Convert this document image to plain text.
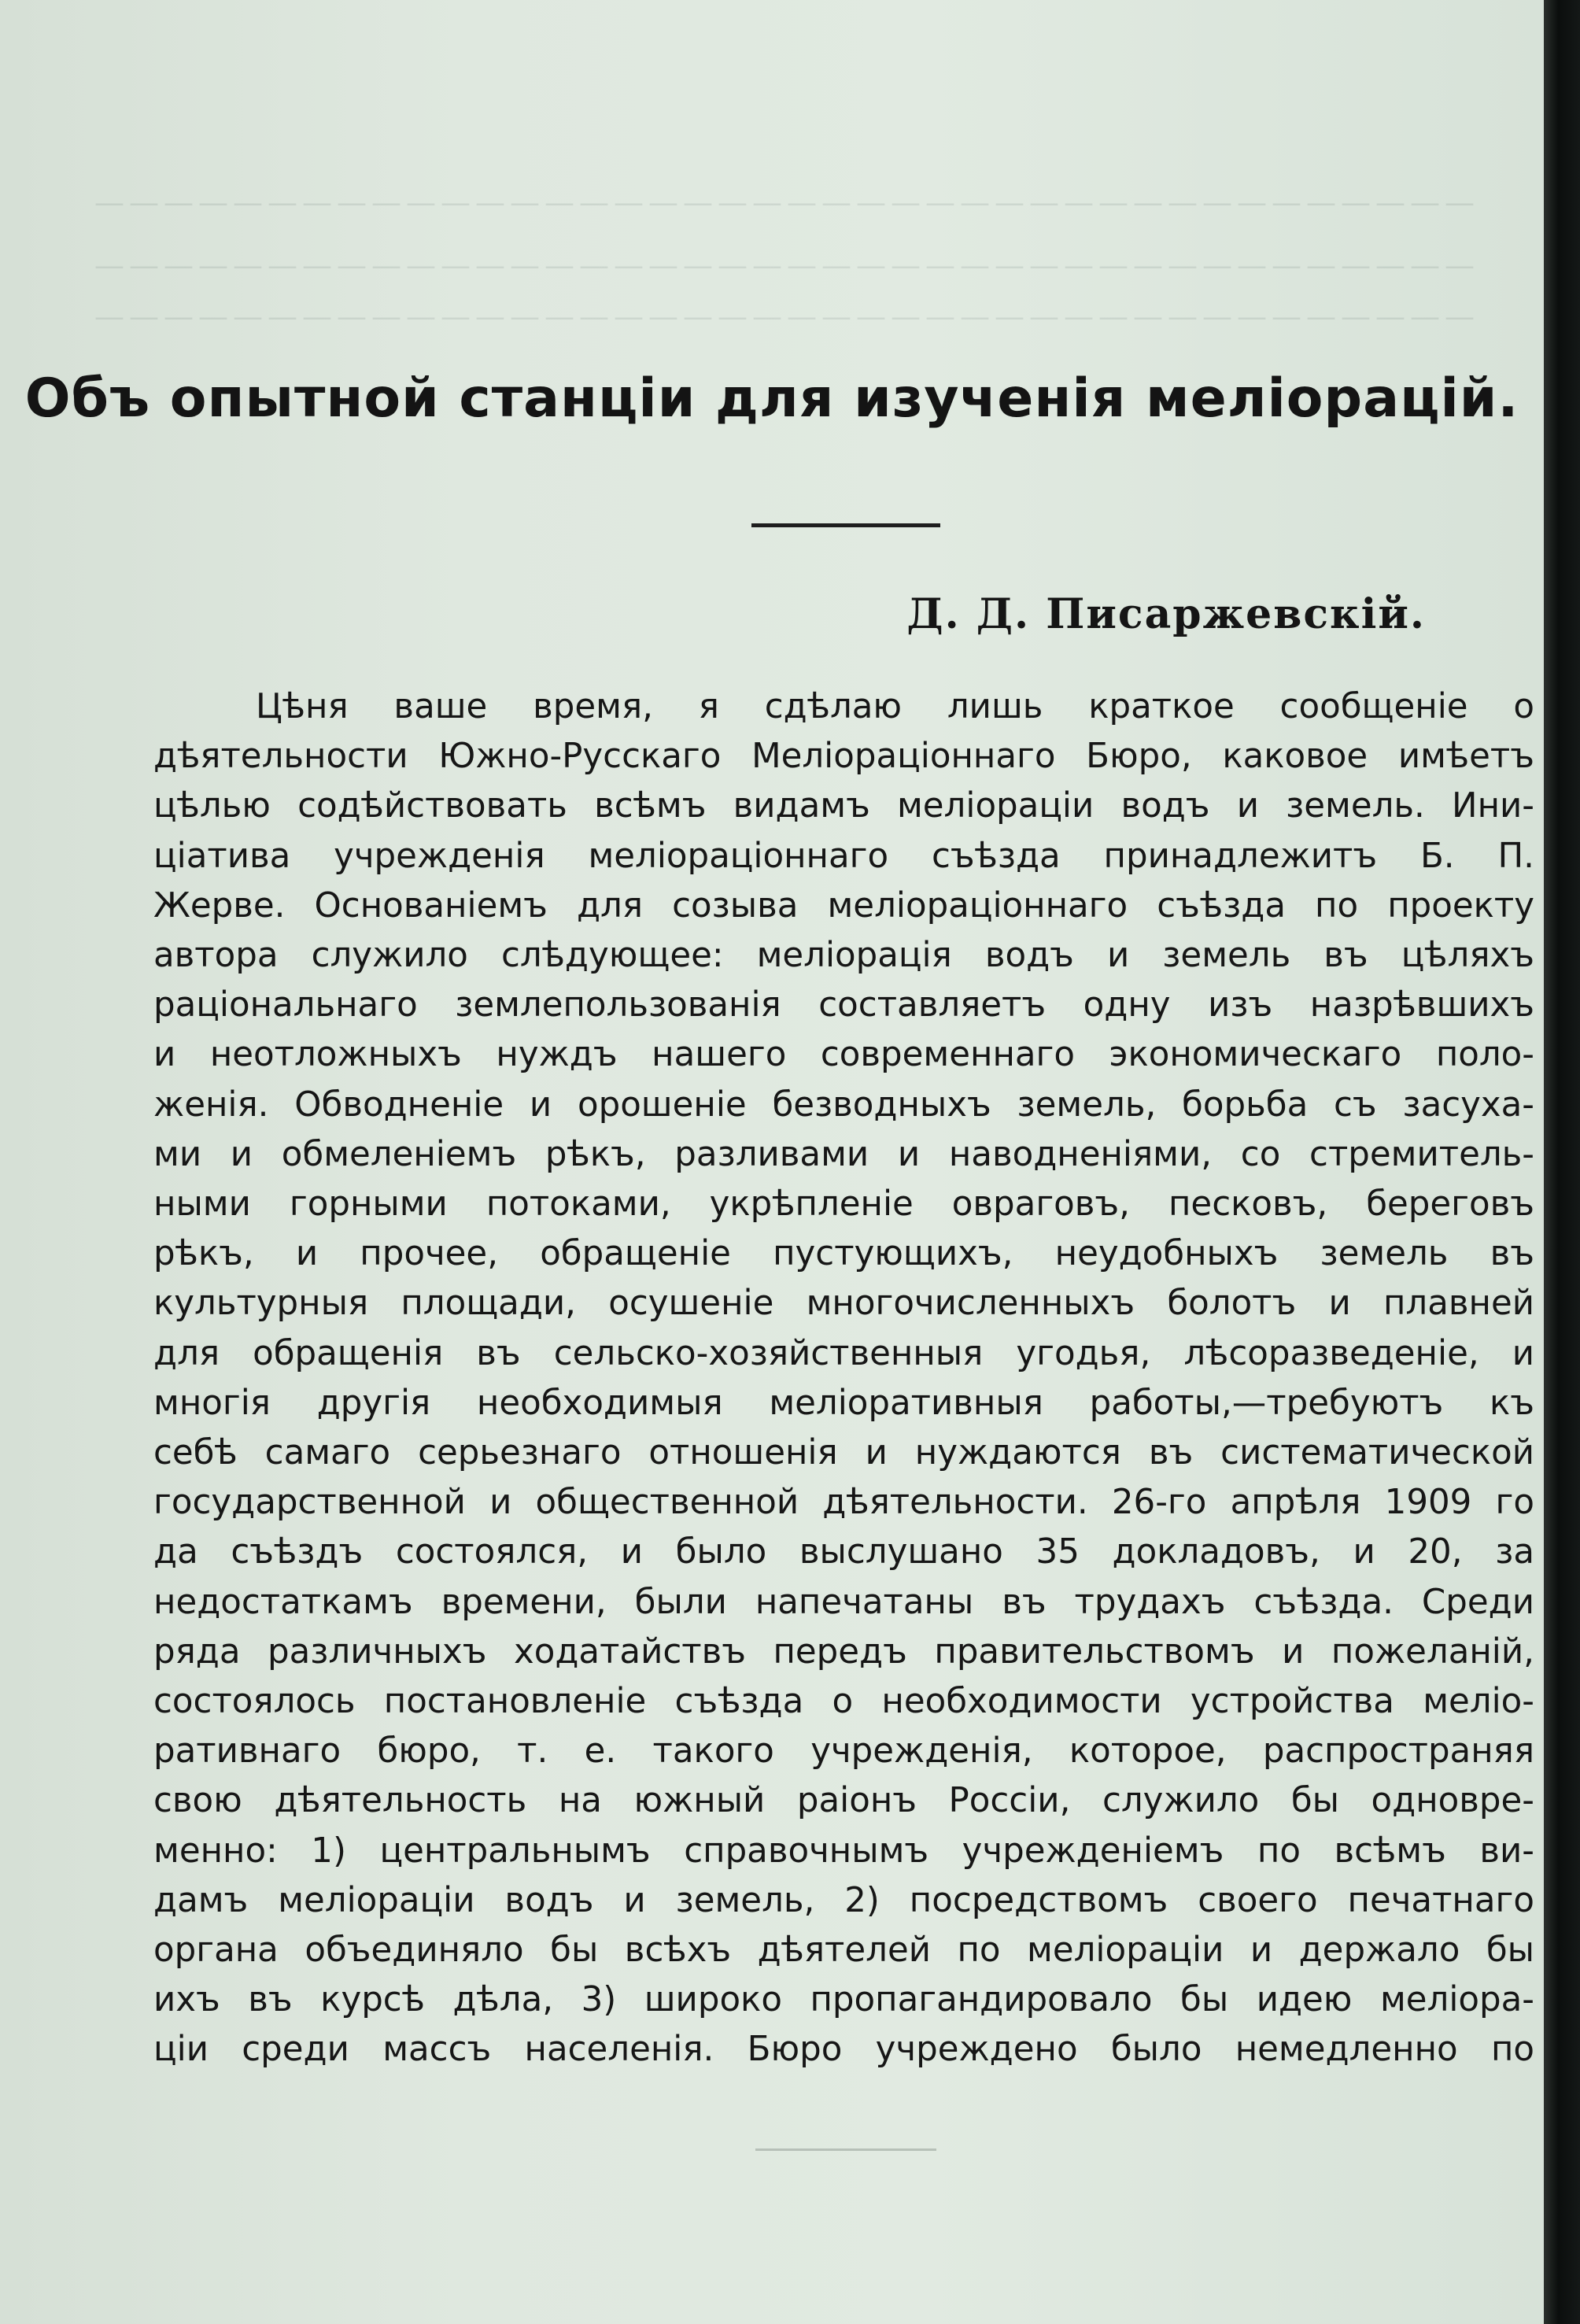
————————————————————————————————————————
————————————————————————————————————————
————————————————————————————————————————
Объ опытной станціи для изученія меліорацій.

Д. Д. Писаржевскій.

Цѣня ваше время, я сдѣлаю лишь краткое сообщеніе о
дѣятельности Южно-Русскаго Меліораціоннаго Бюро, каковое имѣетъ
цѣлью содѣйствовать всѣмъ видамъ меліораціи водъ и земель. Ини-
ціатива учрежденія меліораціоннаго съѣзда принадлежитъ Б. П.
Жерве. Основаніемъ для созыва меліораціоннаго съѣзда по проекту
автора служило слѣдующее: меліорація водъ и земель въ цѣляхъ
раціональнаго землепользованія составляетъ одну изъ назрѣвшихъ
и неотложныхъ нуждъ нашего современнаго экономическаго поло-
женія. Обводненіе и орошеніе безводныхъ земель, борьба съ засуха-
ми и обмеленіемъ рѣкъ, разливами и наводненіями, со стремитель-
ными горными потоками, укрѣпленіе овраговъ, песковъ, береговъ
рѣкъ, и прочее, обращеніе пустующихъ, неудобныхъ земель въ
культурныя площади, осушеніе многочисленныхъ болотъ и плавней
для обращенія въ сельско-хозяйственныя угодья, лѣсоразведеніе, и
многія другія необходимыя меліоративныя работы,—требуютъ къ
себѣ самаго серьезнаго отношенія и нуждаются въ систематической
государственной и общественной дѣятельности. 26-го апрѣля 1909 го
да съѣздъ состоялся, и было выслушано 35 докладовъ, и 20, за
недостаткамъ времени, были напечатаны въ трудахъ съѣзда. Среди
ряда различныхъ ходатайствъ передъ правительствомъ и пожеланій,
состоялось постановленіе съѣзда о необходимости устройства меліо-
ративнаго бюро, т. е. такого учрежденія, которое, распространяя
свою дѣятельность на южный раіонъ Россіи, служило бы одновре-
менно: 1) центральнымъ справочнымъ учрежденіемъ по всѣмъ ви-
дамъ меліораціи водъ и земель, 2) посредствомъ своего печатнаго
органа объединяло бы всѣхъ дѣятелей по меліораціи и держало бы
ихъ въ курсѣ дѣла, 3) широко пропагандировало бы идею меліора-
ціи среди массъ населенія. Бюро учреждено было немедленно по
